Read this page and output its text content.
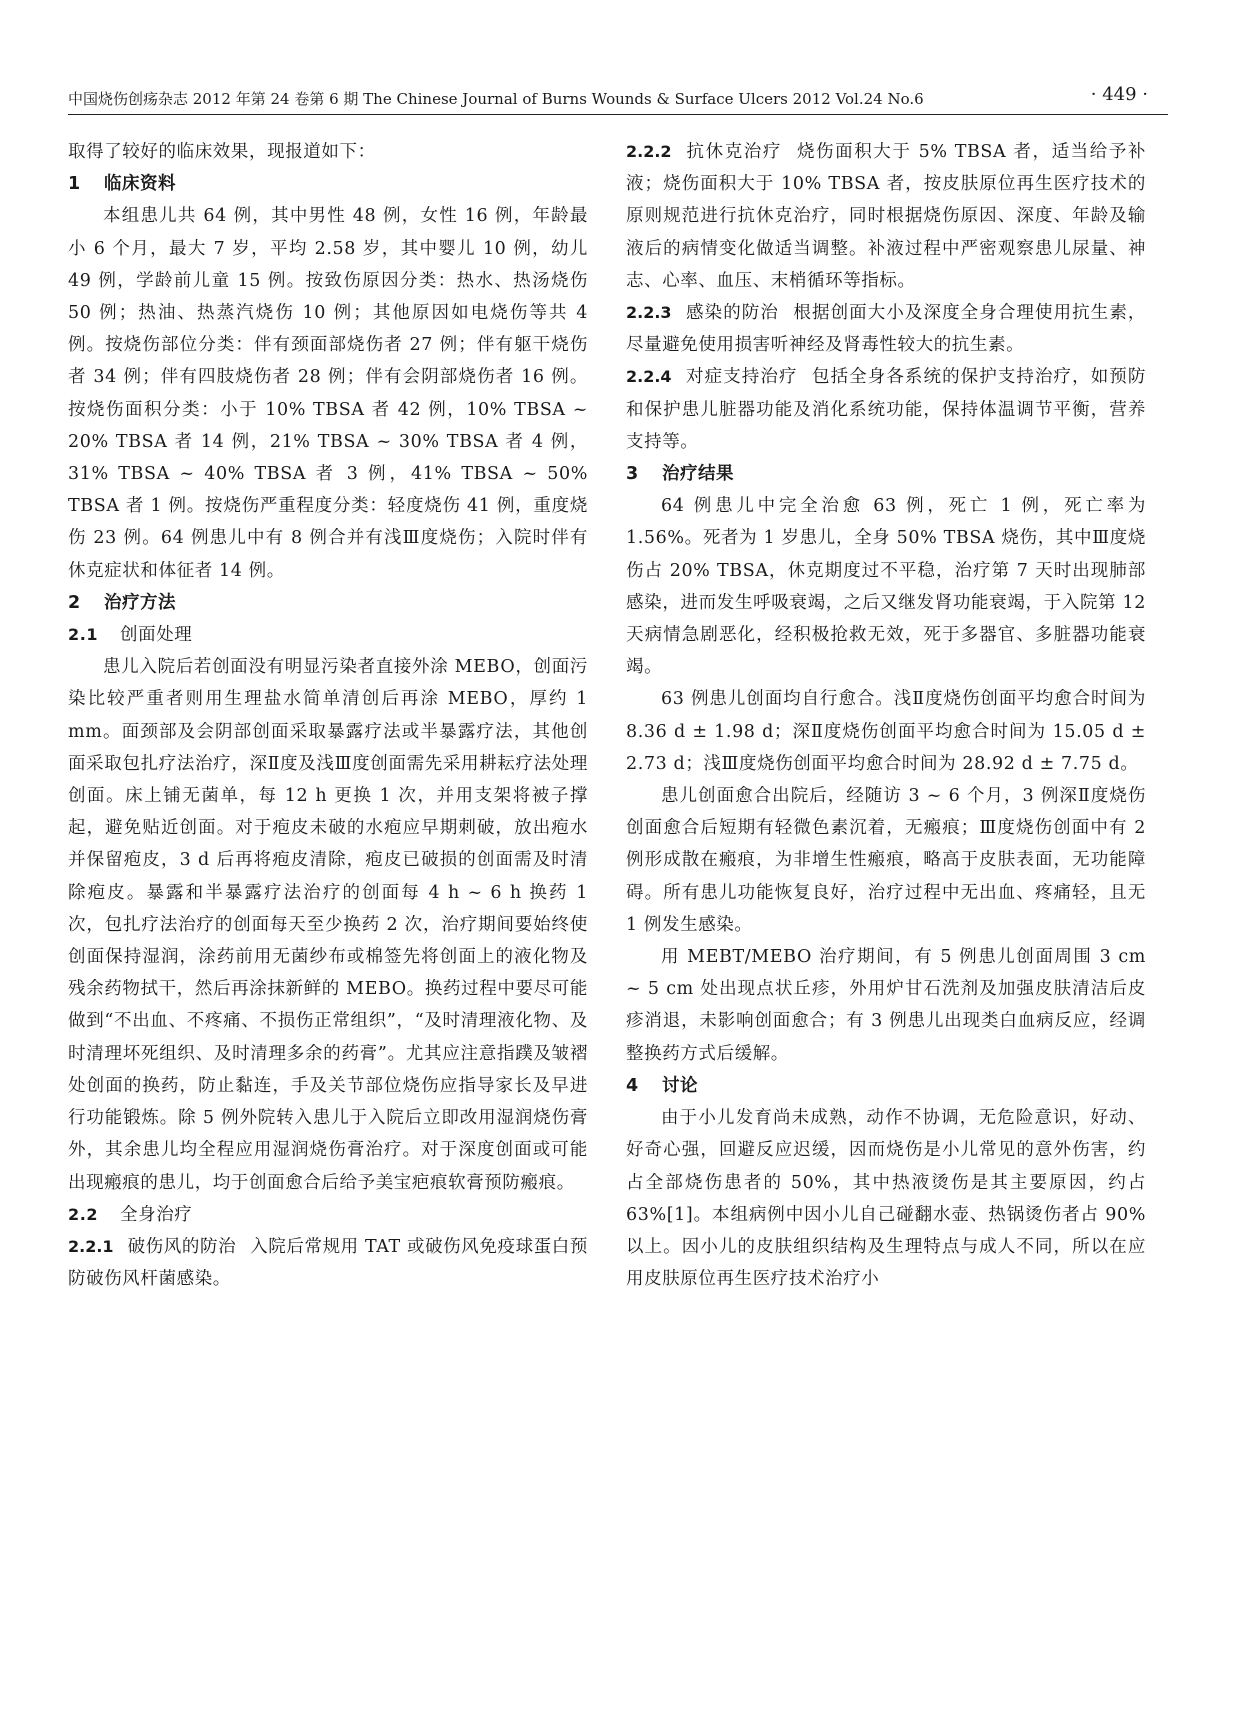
中国烧伤创疡杂志 2012 年第 24 卷第 6 期 The Chinese Journal of Burns Wounds & Surface Ulcers 2012 Vol.24 No.6	· 449 ·

取得了较好的临床效果，现报道如下：

1 临床资料

本组患儿共 64 例，其中男性 48 例，女性 16 例，年龄最小 6 个月，最大 7 岁，平均 2.58 岁，其中婴儿 10 例，幼儿 49 例，学龄前儿童 15 例。按致伤原因分类：热水、热汤烧伤 50 例；热油、热蒸汽烧伤 10 例；其他原因如电烧伤等共 4 例。按烧伤部位分类：伴有颈面部烧伤者 27 例；伴有躯干烧伤者 34 例；伴有四肢烧伤者 28 例；伴有会阴部烧伤者 16 例。按烧伤面积分类：小于 10% TBSA 者 42 例，10% TBSA ~ 20% TBSA 者 14 例，21% TBSA ~ 30% TBSA 者 4 例，31% TBSA ~ 40% TBSA 者 3 例，41% TBSA ~ 50% TBSA 者 1 例。按烧伤严重程度分类：轻度烧伤 41 例，重度烧伤 23 例。64 例患儿中有 8 例合并有浅Ⅲ度烧伤；入院时伴有休克症状和体征者 14 例。

2 治疗方法
2.1 创面处理

患儿入院后若创面没有明显污染者直接外涂 MEBO，创面污染比较严重者则用生理盐水简单清创后再涂 MEBO，厚约 1 mm。面颈部及会阴部创面采取暴露疗法或半暴露疗法，其他创面采取包扎疗法治疗，深Ⅱ度及浅Ⅲ度创面需先采用耕耘疗法处理创面。床上铺无菌单，每 12 h 更换 1 次，并用支架将被子撑起，避免贴近创面。对于疱皮未破的水疱应早期刺破，放出疱水并保留疱皮，3 d 后再将疱皮清除，疱皮已破损的创面需及时清除疱皮。暴露和半暴露疗法治疗的创面每 4 h ~ 6 h 换药 1 次，包扎疗法治疗的创面每天至少换药 2 次，治疗期间要始终使创面保持湿润，涂药前用无菌纱布或棉签先将创面上的液化物及残余药物拭干，然后再涂抹新鲜的 MEBO。换药过程中要尽可能做到“不出血、不疼痛、不损伤正常组织”，“及时清理液化物、及时清理坏死组织、及时清理多余的药膏”。尤其应注意指蹼及皱褶处创面的换药，防止黏连，手及关节部位烧伤应指导家长及早进行功能锻炼。除 5 例外院转入患儿于入院后立即改用湿润烧伤膏外，其余患儿均全程应用湿润烧伤膏治疗。对于深度创面或可能出现瘢痕的患儿，均于创面愈合后给予美宝疤痕软膏预防瘢痕。

2.2 全身治疗

2.2.1 破伤风的防治 入院后常规用 TAT 或破伤风免疫球蛋白预防破伤风杆菌感染。

2.2.2 抗休克治疗 烧伤面积大于 5% TBSA 者，适当给予补液；烧伤面积大于 10% TBSA 者，按皮肤原位再生医疗技术的原则规范进行抗休克治疗，同时根据烧伤原因、深度、年龄及输液后的病情变化做适当调整。补液过程中严密观察患儿尿量、神志、心率、血压、末梢循环等指标。

2.2.3 感染的防治 根据创面大小及深度全身合理使用抗生素，尽量避免使用损害听神经及肾毒性较大的抗生素。

2.2.4 对症支持治疗 包括全身各系统的保护支持治疗，如预防和保护患儿脏器功能及消化系统功能，保持体温调节平衡，营养支持等。

3 治疗结果

64 例患儿中完全治愈 63 例，死亡 1 例，死亡率为 1.56%。死者为 1 岁患儿，全身 50% TBSA 烧伤，其中Ⅲ度烧伤占 20% TBSA，休克期度过不平稳，治疗第 7 天时出现肺部感染，进而发生呼吸衰竭，之后又继发肾功能衰竭，于入院第 12 天病情急剧恶化，经积极抢救无效，死于多器官、多脏器功能衰竭。

63 例患儿创面均自行愈合。浅Ⅱ度烧伤创面平均愈合时间为 8.36 d ± 1.98 d；深Ⅱ度烧伤创面平均愈合时间为 15.05 d ± 2.73 d；浅Ⅲ度烧伤创面平均愈合时间为 28.92 d ± 7.75 d。

患儿创面愈合出院后，经随访 3 ~ 6 个月，3 例深Ⅱ度烧伤创面愈合后短期有轻微色素沉着，无瘢痕；Ⅲ度烧伤创面中有 2 例形成散在瘢痕，为非增生性瘢痕，略高于皮肤表面，无功能障碍。所有患儿功能恢复良好，治疗过程中无出血、疼痛轻，且无 1 例发生感染。

用 MEBT/MEBO 治疗期间，有 5 例患儿创面周围 3 cm ~ 5 cm 处出现点状丘疹，外用炉甘石洗剂及加强皮肤清洁后皮疹消退，未影响创面愈合；有 3 例患儿出现类白血病反应，经调整换药方式后缓解。

4 讨论

由于小儿发育尚未成熟，动作不协调，无危险意识，好动、好奇心强，回避反应迟缓，因而烧伤是小儿常见的意外伤害，约占全部烧伤患者的 50%，其中热液烫伤是其主要原因，约占 63%[1]。本组病例中因小儿自己碰翻水壶、热锅烫伤者占 90% 以上。因小儿的皮肤组织结构及生理特点与成人不同，所以在应用皮肤原位再生医疗技术治疗小
